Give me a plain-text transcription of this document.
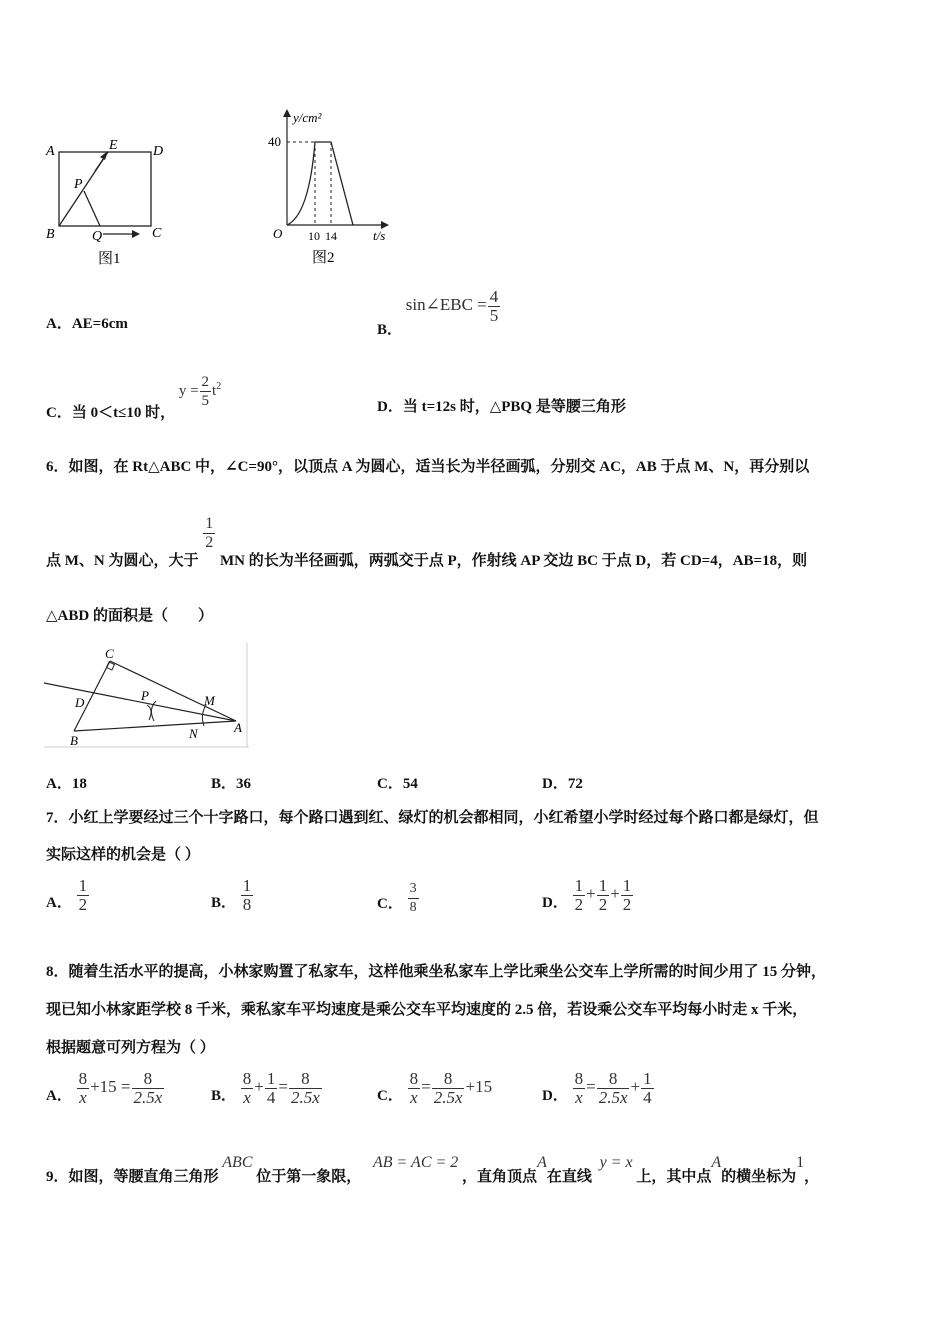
A	E	D
P
B	Q	C
图1
y/cm²
40
O 10 14	t/s
图2
A．AE=6cm	B． sin∠EBC = $\frac{4}{5}$
C．当 0＜t≤10 时， $y = \frac{2}{5} t^2$
D．当 t=12s 时，△PBQ 是等腰三角形
6．如图，在 Rt△ABC 中，∠C=90°，以顶点 A 为圆心，适当长为半径画弧，分别交 AC，AB 于点 M、N，再分别以
点 M、N 为圆心，大于
$\frac{1}{2}$
MN 的长为半径画弧，两弧交于点 P，作射线 AP 交边 BC 于点 D，若 CD=4，AB=18，则
△ABD 的面积是（　　）
C
P	M
D
N	A
B
A．18	B．36	C．54	D．72
7．小红上学要经过三个十字路口，每个路口遇到红、绿灯的机会都相同，小红希望小学时经过每个路口都是绿灯，但
实际这样的机会是（ ）
A． $\frac{1}{2}$	B． $\frac{1}{8}$	C． $\frac{3}{8}$	D． $\frac{1}{2} + \frac{1}{2} + \frac{1}{2}$
8．随着生活水平的提高，小林家购置了私家车，这样他乘坐私家车上学比乘坐公交车上学所需的时间少用了 15 分钟，
现已知小林家距学校 8 千米，乘私家车平均速度是乘公交车平均速度的 2.5 倍，若设乘公交车平均每小时走 x 千米，
根据题意可列方程为（ ）
A． $\frac{8}{x} +15 = \frac{8}{2.5x}$	B． $\frac{8}{x} + \frac{1}{4} = \frac{8}{2.5x}$	C． $\frac{8}{x} = \frac{8}{2.5x} +15$	D． $\frac{8}{x} = \frac{8}{2.5x} + \frac{1}{4}$
9．如图，等腰直角三角形 ABC 位于第一象限， AB = AC = 2 ，直角顶点A在直线 y = x 上，其中点A的横坐标为1，
